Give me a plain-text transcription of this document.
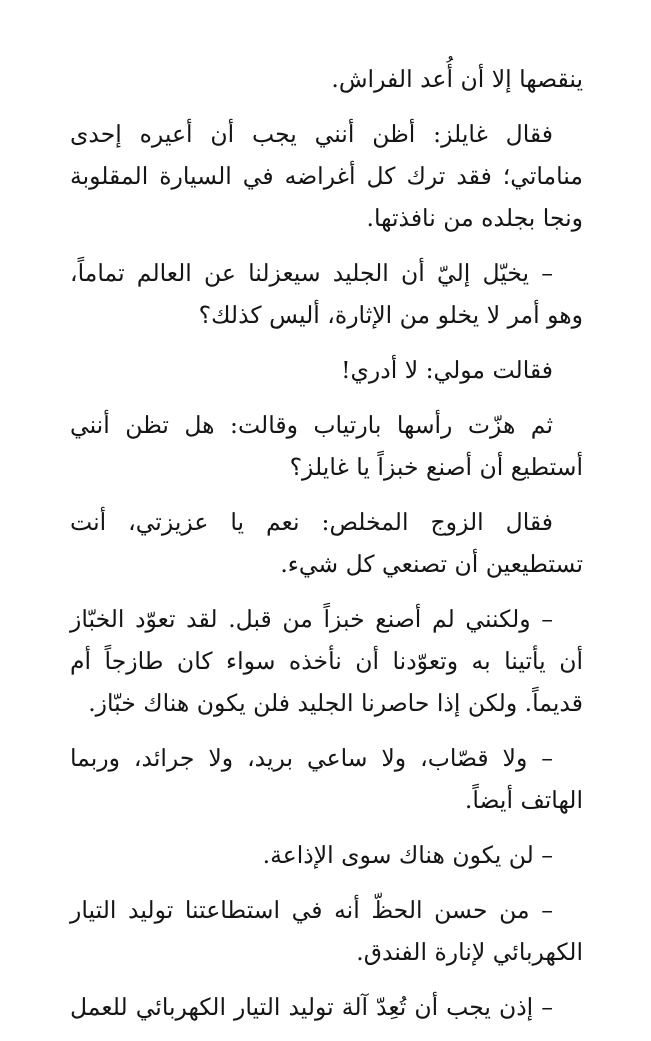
ينقصها إلا أن أُعد الفراش.

فقال غايلز: أظن أنني يجب أن أعيره إحدى مناماتي؛ فقد ترك كل أغراضه في السيارة المقلوبة ونجا بجلده من نافذتها.

– يخيّل إليّ أن الجليد سيعزلنا عن العالم تماماً، وهو أمر لا يخلو من الإثارة، أليس كذلك؟

فقالت مولي: لا أدري!

ثم هزّت رأسها بارتياب وقالت: هل تظن أنني أستطيع أن أصنع خبزاً يا غايلز؟

فقال الزوج المخلص: نعم يا عزيزتي، أنت تستطيعين أن تصنعي كل شيء.

– ولكنني لم أصنع خبزاً من قبل. لقد تعوّد الخبّاز أن يأتينا به وتعوّدنا أن نأخذه سواء كان طازجاً أم قديماً. ولكن إذا حاصرنا الجليد فلن يكون هناك خبّاز.

– ولا قصّاب، ولا ساعي بريد، ولا جرائد، وربما الهاتف أيضاً.

– لن يكون هناك سوى الإذاعة.

– من حسن الحظّ أنه في استطاعتنا توليد التيار الكهربائي لإنارة الفندق.

– إذن يجب أن تُعِدّ آلة توليد التيار الكهربائي للعمل
